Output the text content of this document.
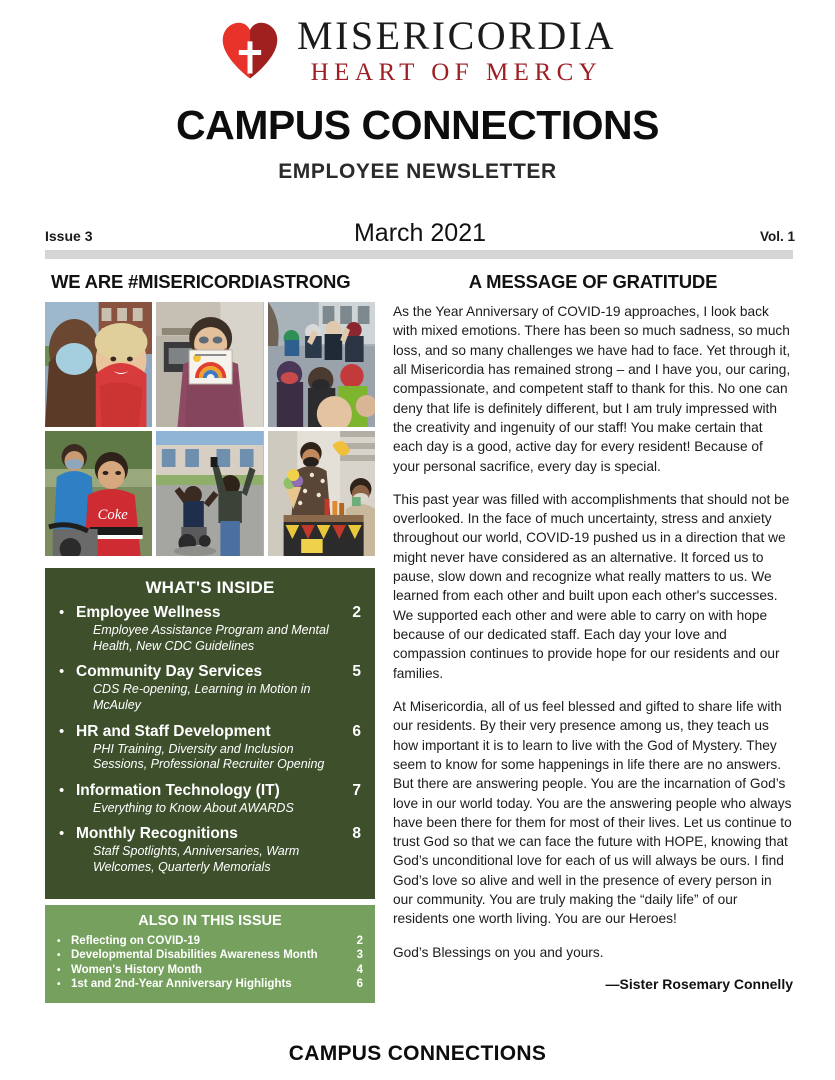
MISERICORDIA
HEART OF MERCY
CAMPUS CONNECTIONS
EMPLOYEE NEWSLETTER
Issue 3	March 2021	Vol. 1
WE ARE #MISERICORDIASTRONG
Coke
WHAT'S INSIDE
• Employee Wellness	2
Employee Assistance Program and Mental Health, New CDC Guidelines
• Community Day Services	5
CDS Re-opening, Learning in Motion in McAuley
• HR and Staff Development	6
PHI Training, Diversity and Inclusion Sessions, Professional Recruiter Opening
• Information Technology (IT)	7
Everything to Know About AWARDS
• Monthly Recognitions	8
Staff Spotlights, Anniversaries, Warm Welcomes, Quarterly Memorials
ALSO IN THIS ISSUE
• Reflecting on COVID-19	2
• Developmental Disabilities Awareness Month	3
• Women's History Month	4
• 1st and 2nd-Year Anniversary Highlights	6
A MESSAGE OF GRATITUDE

As the Year Anniversary of COVID-19 approaches, I look back with mixed emotions. There has been so much sadness, so much loss, and so many challenges we have had to face. Yet through it, all Misericordia has remained strong – and I have you, our caring, compassionate, and competent staff to thank for this. No one can deny that life is definitely different, but I am truly impressed with the creativity and ingenuity of our staff! You make certain that each day is a good, active day for every resident! Because of your personal sacrifice, every day is special.

This past year was filled with accomplishments that should not be overlooked. In the face of much uncertainty, stress and anxiety throughout our world, COVID-19 pushed us in a direction that we might never have considered as an alternative. It forced us to pause, slow down and recognize what really matters to us. We learned from each other and built upon each other's successes. We supported each other and were able to carry on with hope because of our dedicated staff. Each day your love and compassion continues to provide hope for our residents and our families.

At Misericordia, all of us feel blessed and gifted to share life with our residents. By their very presence among us, they teach us how important it is to learn to live with the God of Mystery. They seem to know for some happenings in life there are no answers. But there are answering people. You are the incarnation of God’s love in our world today. You are the answering people who always have been there for them for most of their lives. Let us continue to trust God so that we can face the future with HOPE, knowing that God’s unconditional love for each of us will always be ours. I find God’s love so alive and well in the presence of every person in our community. You are truly making the “daily life” of our residents one worth living. You are our Heroes!

God’s Blessings on you and yours.

—Sister Rosemary Connelly
CAMPUS CONNECTIONS
